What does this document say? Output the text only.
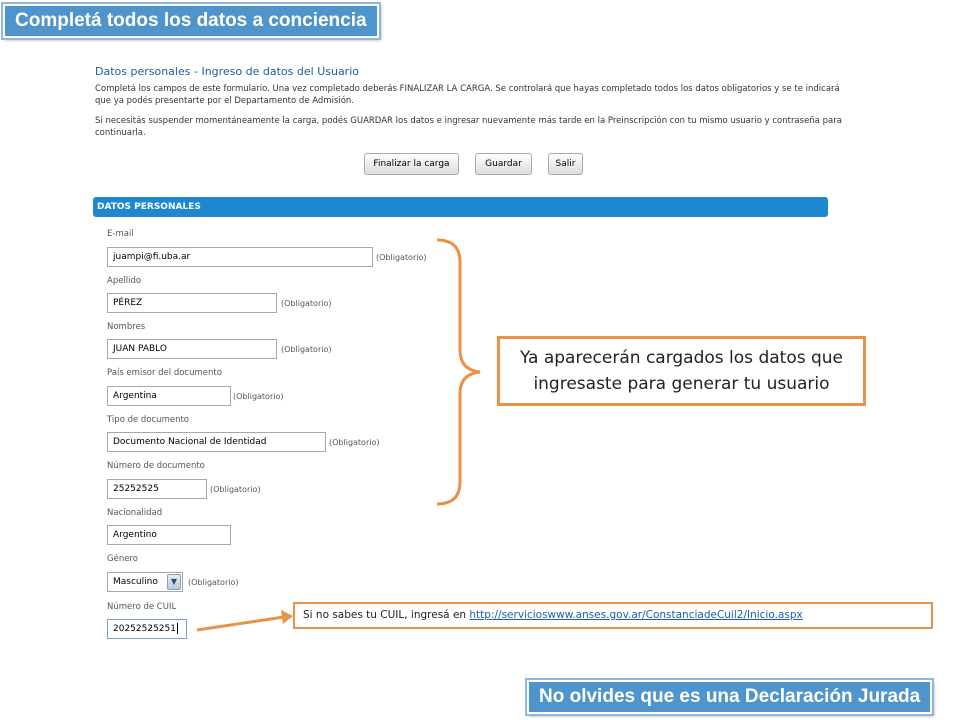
Completá todos los datos a conciencia
Datos personales - Ingreso de datos del Usuario
Completá los campos de este formulario. Una vez completado deberás FINALIZAR LA CARGA. Se controlará que hayas completado todos los datos obligatorios y se te indicará que ya podés presentarte por el Departamento de Admisión.
Si necesitás suspender momentáneamente la carga, podés GUARDAR los datos e ingresar nuevamente más tarde en la Preinscripción con tu mismo usuario y contraseña para continuarla.
Finalizar la carga	Guardar	Salir
DATOS PERSONALES
E-mail
juampi@fi.uba.ar	(Obligatorio)
Apellido
PÉREZ	(Obligatorio)
Nombres
JUAN PABLO	(Obligatorio)
País emisor del documento
Argentina	(Obligatorio)
Tipo de documento
Documento Nacional de Identidad	(Obligatorio)
Número de documento
25252525	(Obligatorio)
Nacionalidad
Argentino
Género
Masculino	▼	(Obligatorio)
Número de CUIL
20252525251
Ya aparecerán cargados los datos que ingresaste para generar tu usuario
Si no sabes tu CUIL, ingresá en http://servicioswww.anses.gov.ar/ConstanciadeCuil2/Inicio.aspx
No olvides que es una Declaración Jurada
